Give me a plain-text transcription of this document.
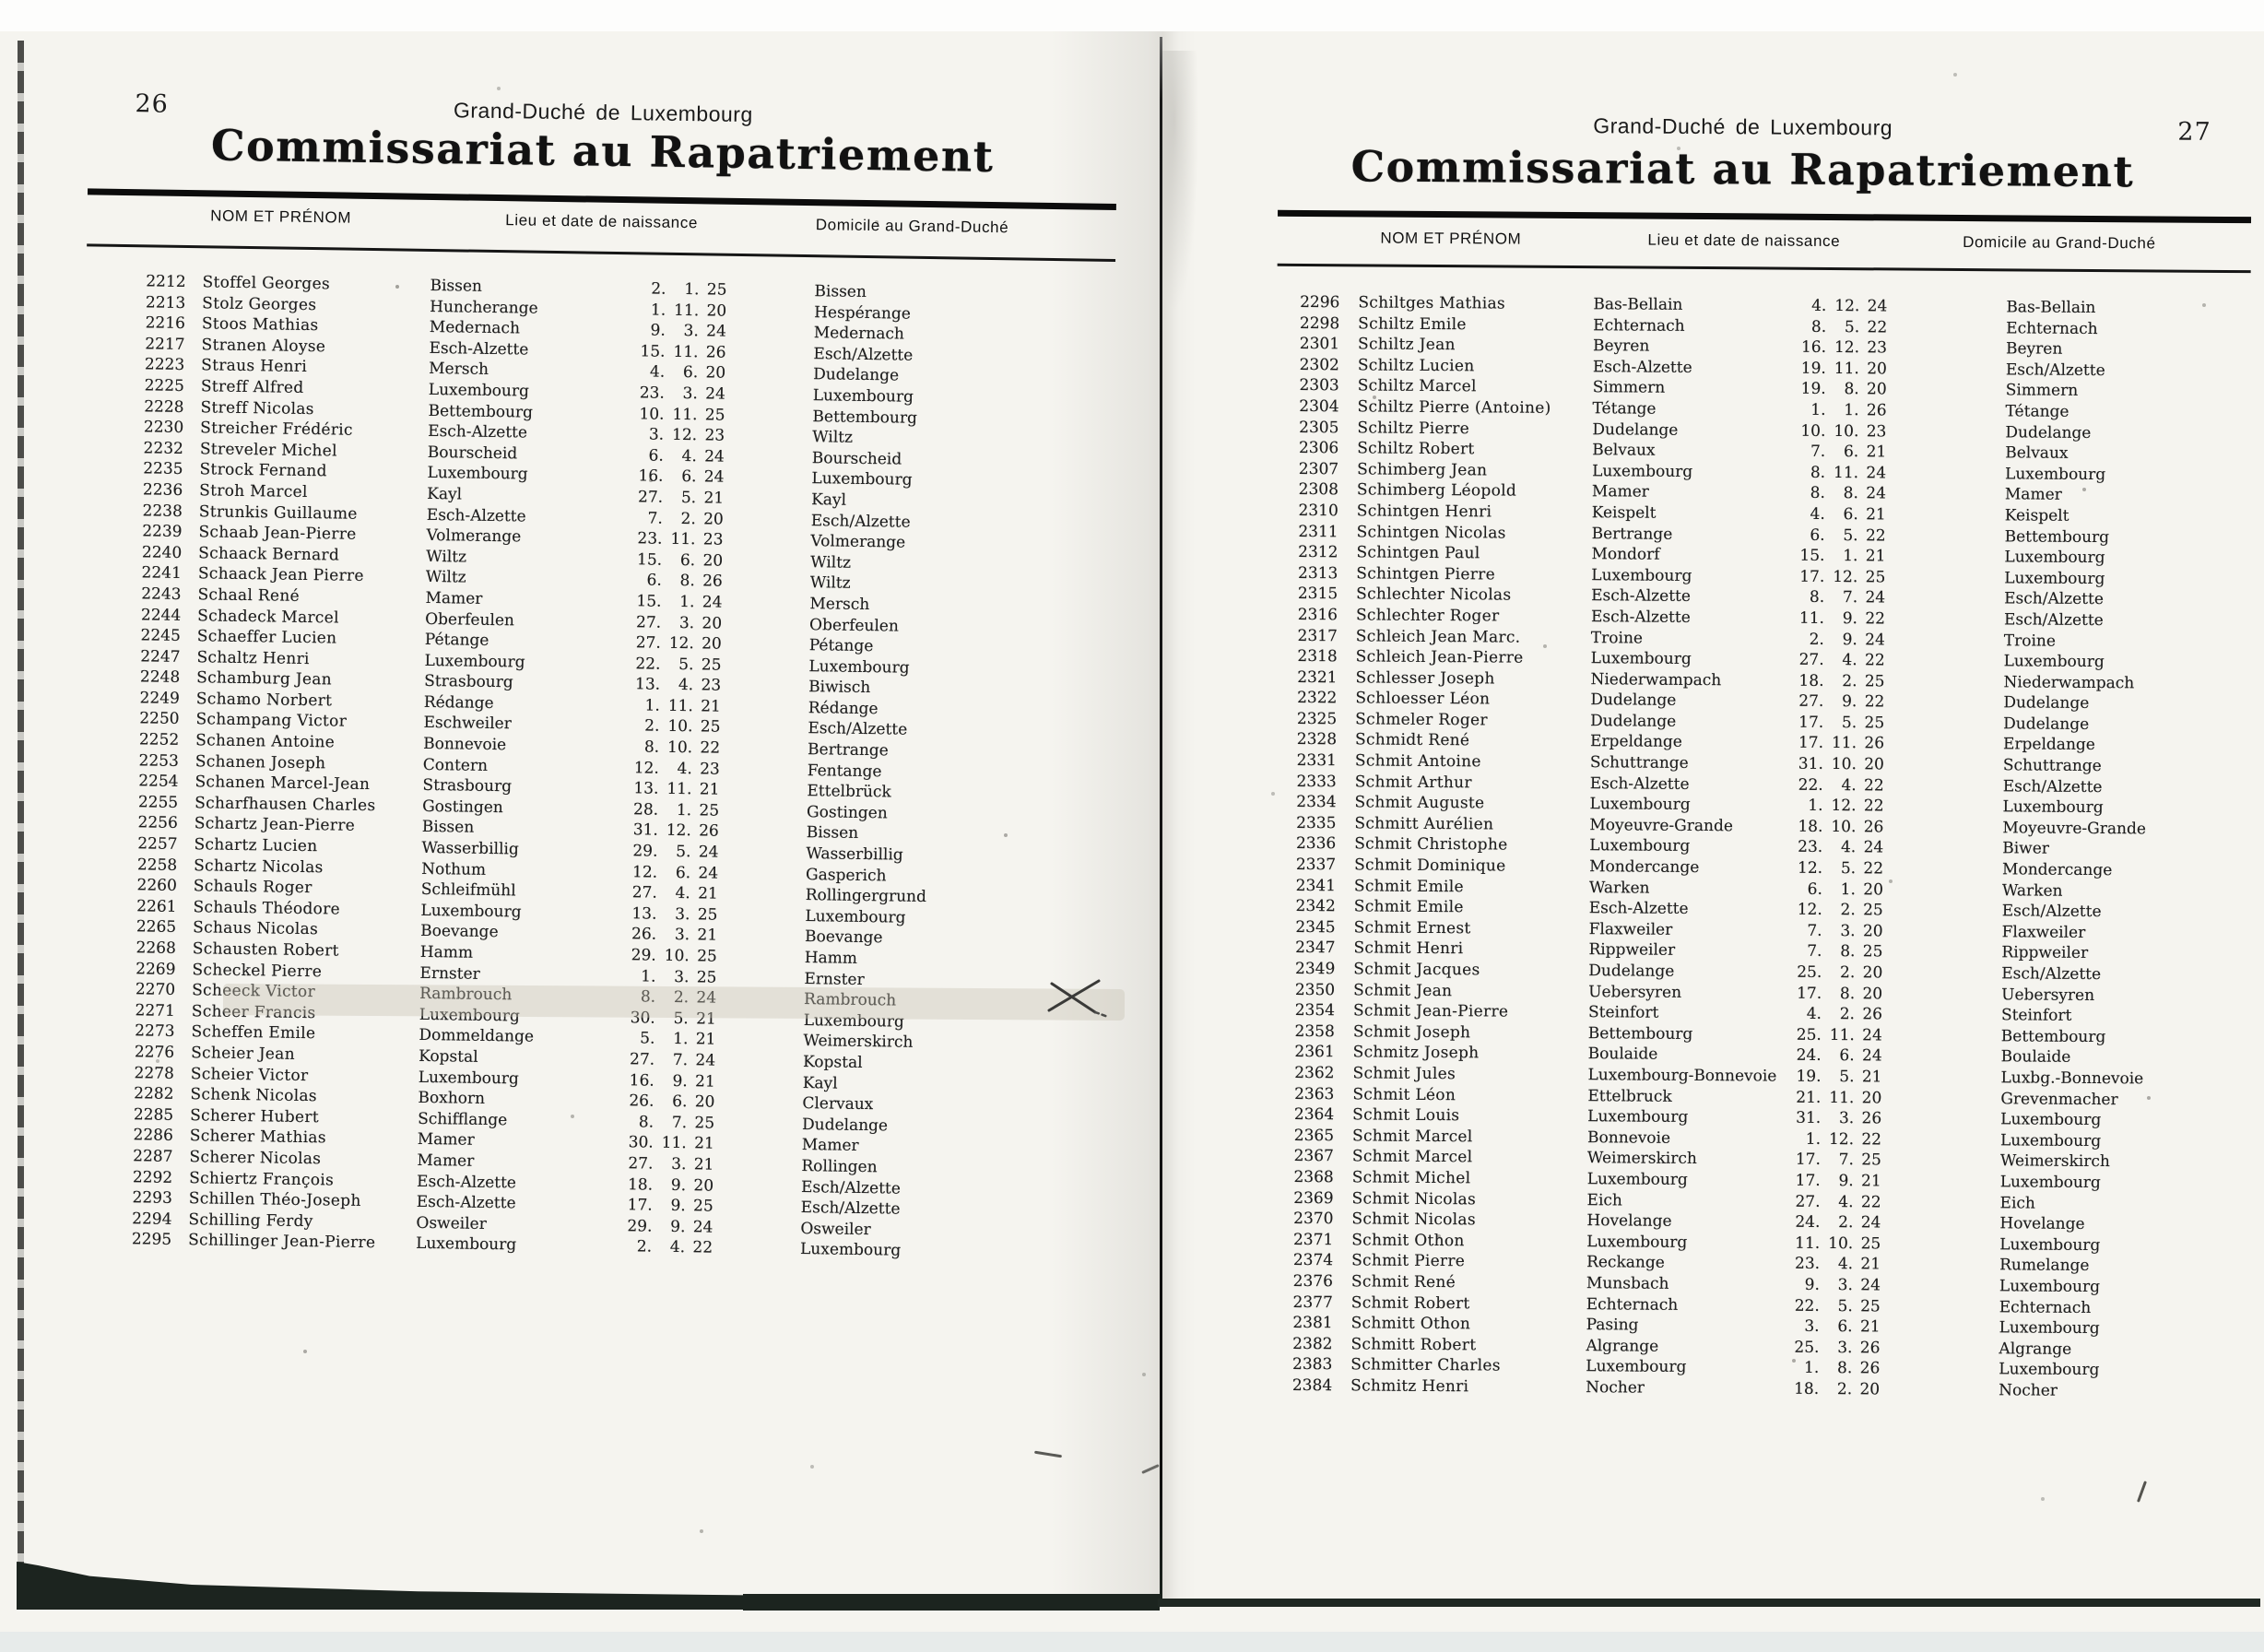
26	Grand-Duché de Luxembourg
Commissariat au Rapatriement
NOM ET PRÉNOM	Lieu et date de naissance	Domicile au Grand-Duché
2212 Stoffel Georges	Bissen	2. 1. 25	Bissen
2213 Stolz Georges	Huncherange	1. 11. 20	Hespérange
2216 Stoos Mathias	Medernach	9. 3. 24	Medernach
2217 Stranen Aloyse	Esch-Alzette	15. 11. 26	Esch/Alzette
2223 Straus Henri	Mersch	4. 6. 20	Dudelange
2225 Streff Alfred	Luxembourg	23. 3. 24	Luxembourg
2228 Streff Nicolas	Bettembourg	10. 11. 25	Bettembourg
2230 Streicher Frédéric	Esch-Alzette	3. 12. 23	Wiltz
2232 Streveler Michel	Bourscheid	6. 4. 24	Bourscheid
2235 Strock Fernand	Luxembourg	16. 6. 24	Luxembourg
2236 Stroh Marcel	Kayl	27. 5. 21	Kayl
2238 Strunkis Guillaume	Esch-Alzette	7. 2. 20	Esch/Alzette
2239 Schaab Jean-Pierre	Volmerange	23. 11. 23	Volmerange
2240 Schaack Bernard	Wiltz	15. 6. 20	Wiltz
2241 Schaack Jean Pierre	Wiltz	6. 8. 26	Wiltz
2243 Schaal René	Mamer	15. 1. 24	Mersch
2244 Schadeck Marcel	Oberfeulen	27. 3. 20	Oberfeulen
2245 Schaeffer Lucien	Pétange	27. 12. 20	Pétange
2247 Schaltz Henri	Luxembourg	22. 5. 25	Luxembourg
2248 Schamburg Jean	Strasbourg	13. 4. 23	Biwisch
2249 Schamo Norbert	Rédange	1. 11. 21	Rédange
2250 Schampang Victor	Eschweiler	2. 10. 25	Esch/Alzette
2252 Schanen Antoine	Bonnevoie	8. 10. 22	Bertrange
2253 Schanen Joseph	Contern	12. 4. 23	Fentange
2254 Schanen Marcel-Jean	Strasbourg	13. 11. 21	Ettelbrück
2255 Scharfhausen Charles	Gostingen	28. 1. 25	Gostingen
2256 Schartz Jean-Pierre	Bissen	31. 12. 26	Bissen
2257 Schartz Lucien	Wasserbillig	29. 5. 24	Wasserbillig
2258 Schartz Nicolas	Nothum	12. 6. 24	Gasperich
2260 Schauls Roger	Schleifmühl	27. 4. 21	Rollingergrund
2261 Schauls Théodore	Luxembourg	13. 3. 25	Luxembourg
2265 Schaus Nicolas	Boevange	26. 3. 21	Boevange
2268 Schausten Robert	Hamm	29. 10. 25	Hamm
2269 Scheckel Pierre	Ernster	1. 3. 25	Ernster
2270 Scheeck Victor	Rambrouch	8. 2. 24	Rambrouch
2271 Scheer Francis	Luxembourg	30. 5. 21	Luxembourg
2273 Scheffen Emile	Dommeldange	5. 1. 21	Weimerskirch
2276 Scheier Jean	Kopstal	27. 7. 24	Kopstal
2278 Scheier Victor	Luxembourg	16. 9. 21	Kayl
2282 Schenk Nicolas	Boxhorn	26. 6. 20	Clervaux
2285 Scherer Hubert	Schifflange	8. 7. 25	Dudelange
2286 Scherer Mathias	Mamer	30. 11. 21	Mamer
2287 Scherer Nicolas	Mamer	27. 3. 21	Rollingen
2292 Schiertz François	Esch-Alzette	18. 9. 20	Esch/Alzette
2293 Schillen Théo-Joseph	Esch-Alzette	17. 9. 25	Esch/Alzette
2294 Schilling Ferdy	Osweiler	29. 9. 24	Osweiler
2295 Schillinger Jean-Pierre	Luxembourg	2. 4. 22	Luxembourg
27
Grand-Duché de Luxembourg
Commissariat au Rapatriement
NOM ET PRÉNOM	Lieu et date de naissance	Domicile au Grand-Duché
2296 Schiltges Mathias	Bas-Bellain	4. 12. 24	Bas-Bellain
2298 Schiltz Emile	Echternach	8. 5. 22	Echternach
2301 Schiltz Jean	Beyren	16. 12. 23	Beyren
2302 Schiltz Lucien	Esch-Alzette	19. 11. 20	Esch/Alzette
2303 Schiltz Marcel	Simmern	19. 8. 20	Simmern
2304 Schiltz Pierre (Antoine)	Tétange	1. 1. 26	Tétange
2305 Schiltz Pierre	Dudelange	10. 10. 23	Dudelange
2306 Schiltz Robert	Belvaux	7. 6. 21	Belvaux
2307 Schimberg Jean	Luxembourg	8. 11. 24	Luxembourg
2308 Schimberg Léopold	Mamer	8. 8. 24	Mamer
2310 Schintgen Henri	Keispelt	4. 6. 21	Keispelt
2311 Schintgen Nicolas	Bertrange	6. 5. 22	Bettembourg
2312 Schintgen Paul	Mondorf	15. 1. 21	Luxembourg
2313 Schintgen Pierre	Luxembourg	17. 12. 25	Luxembourg
2315 Schlechter Nicolas	Esch-Alzette	8. 7. 24	Esch/Alzette
2316 Schlechter Roger	Esch-Alzette	11. 9. 22	Esch/Alzette
2317 Schleich Jean Marc.	Troine	2. 9. 24	Troine
2318 Schleich Jean-Pierre	Luxembourg	27. 4. 22	Luxembourg
2321 Schlesser Joseph	Niederwampach	18. 2. 25	Niederwampach
2322 Schloesser Léon	Dudelange	27. 9. 22	Dudelange
2325 Schmeler Roger	Dudelange	17. 5. 25	Dudelange
2328 Schmidt René	Erpeldange	17. 11. 26	Erpeldange
2331 Schmit Antoine	Schuttrange	31. 10. 20	Schuttrange
2333 Schmit Arthur	Esch-Alzette	22. 4. 22	Esch/Alzette
2334 Schmit Auguste	Luxembourg	1. 12. 22	Luxembourg
2335 Schmitt Aurélien	Moyeuvre-Grande	18. 10. 26	Moyeuvre-Grande
2336 Schmit Christophe	Luxembourg	23. 4. 24	Biwer
2337 Schmit Dominique	Mondercange	12. 5. 22	Mondercange
2341 Schmit Emile	Warken	6. 1. 20	Warken
2342 Schmit Emile	Esch-Alzette	12. 2. 25	Esch/Alzette
2345 Schmit Ernest	Flaxweiler	7. 3. 20	Flaxweiler
2347 Schmit Henri	Rippweiler	7. 8. 25	Rippweiler
2349 Schmit Jacques	Dudelange	25. 2. 20	Esch/Alzette
2350 Schmit Jean	Uebersyren	17. 8. 20	Uebersyren
2354 Schmit Jean-Pierre	Steinfort	4. 2. 26	Steinfort
2358 Schmit Joseph	Bettembourg	25. 11. 24	Bettembourg
2361 Schmitz Joseph	Boulaide	24. 6. 24	Boulaide
2362 Schmit Jules	Luxembourg-Bonnevoie	19. 5. 21	Luxbg.-Bonnevoie
2363 Schmit Léon	Ettelbruck	21. 11. 20	Grevenmacher
2364 Schmit Louis	Luxembourg	31. 3. 26	Luxembourg
2365 Schmit Marcel	Bonnevoie	1. 12. 22	Luxembourg
2367 Schmit Marcel	Weimerskirch	17. 7. 25	Weimerskirch
2368 Schmit Michel	Luxembourg	17. 9. 21	Luxembourg
2369 Schmit Nicolas	Eich	27. 4. 22	Eich
2370 Schmit Nicolas	Hovelange	24. 2. 24	Hovelange
2371 Schmit Othon	Luxembourg	11. 10. 25	Luxembourg
2374 Schmit Pierre	Reckange	23. 4. 21	Rumelange
2376 Schmit René	Munsbach	9. 3. 24	Luxembourg
2377 Schmit Robert	Echternach	22. 5. 25	Echternach
2381 Schmitt Othon	Pasing	3. 6. 21	Luxembourg
2382 Schmitt Robert	Algrange	25. 3. 26	Algrange
2383 Schmitter Charles	Luxembourg	1. 8. 26	Luxembourg
2384 Schmitz Henri	Nocher	18. 2. 20	Nocher
